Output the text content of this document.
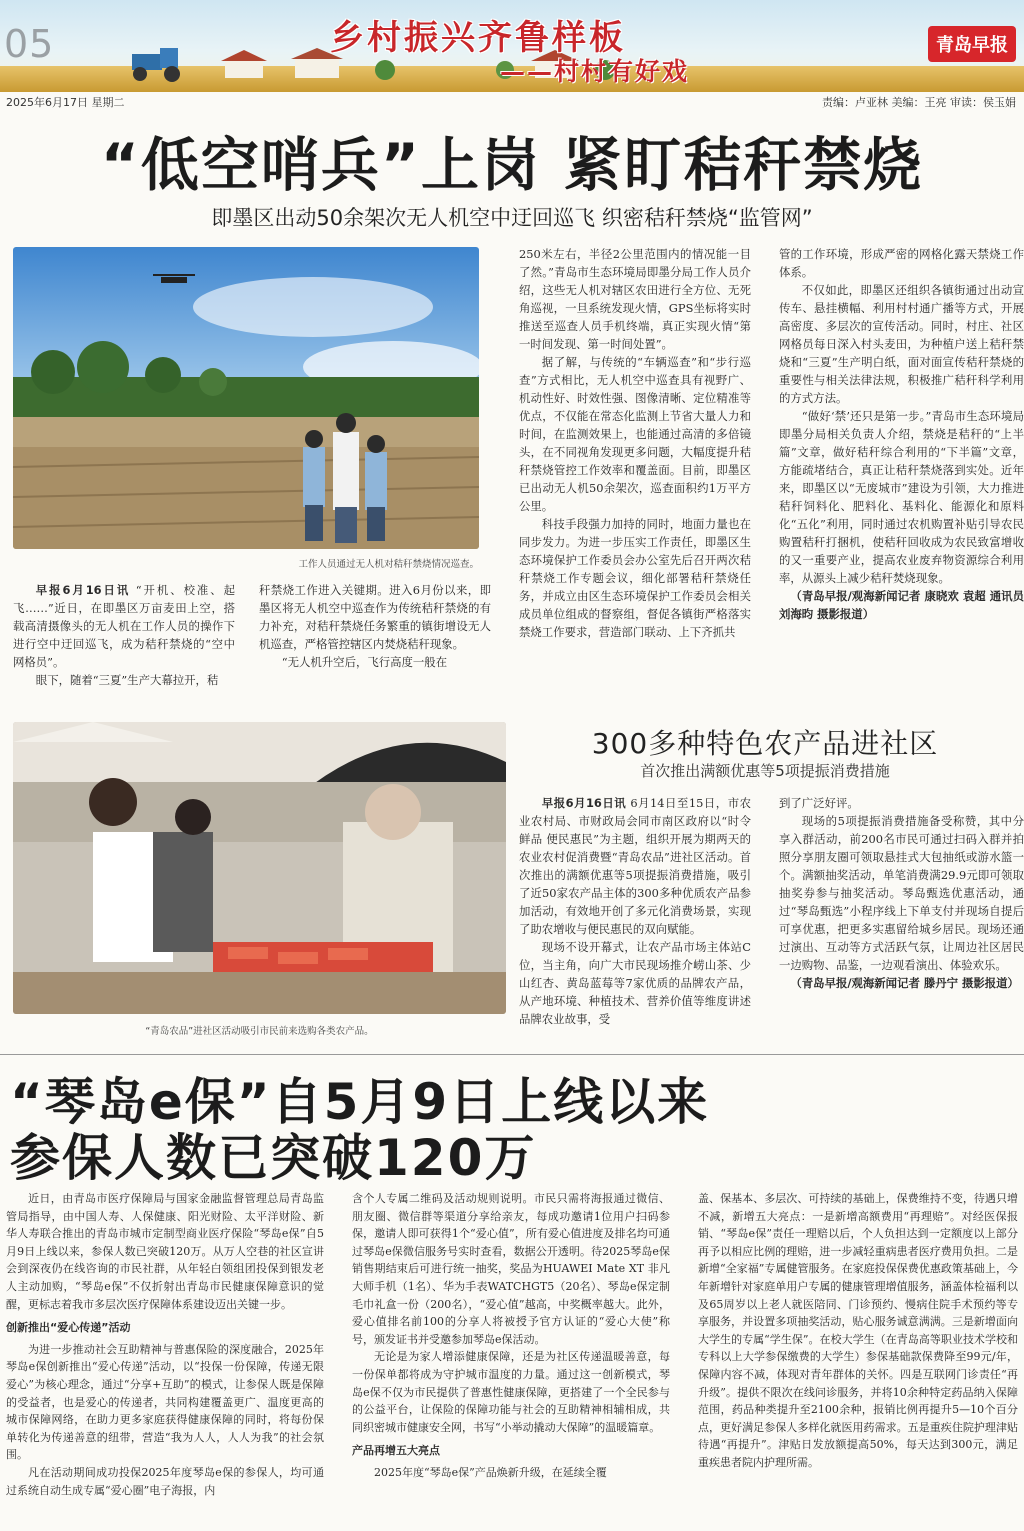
05	乡村振兴齐鲁样板
——村村有好戏
青岛早报
2025年6月17日 星期二	责编：卢亚林 美编：王亮 审读：侯玉娟
“低空哨兵”上岗 紧盯秸秆禁烧
即墨区出动50余架次无人机空中迂回巡飞 织密秸秆禁烧“监管网”
工作人员通过无人机对秸秆禁烧情况巡查。

早报6月16日讯 “开机、校准、起飞……”近日，在即墨区万亩麦田上空，搭载高清摄像头的无人机在工作人员的操作下进行空中迂回巡飞，成为秸秆禁烧的“空中网格员”。

眼下，随着“三夏”生产大幕拉开，秸

秆禁烧工作进入关键期。进入6月份以来，即墨区将无人机空中巡查作为传统秸秆禁烧的有力补充，对秸秆禁烧任务繁重的镇街增设无人机巡查，严格管控辖区内焚烧秸秆现象。

“无人机升空后，飞行高度一般在

250米左右，半径2公里范围内的情况能一目了然。”青岛市生态环境局即墨分局工作人员介绍，这些无人机对辖区农田进行全方位、无死角巡视，一旦系统发现火情，GPS坐标将实时推送至巡查人员手机终端，真正实现火情“第一时间发现、第一时间处置”。

据了解，与传统的“车辆巡查”和“步行巡查”方式相比，无人机空中巡查具有视野广、机动性好、时效性强、图像清晰、定位精准等优点，不仅能在常态化监测上节省大量人力和时间，在监测效果上，也能通过高清的多倍镜头，在不同视角发现更多问题，大幅度提升秸秆禁烧管控工作效率和覆盖面。目前，即墨区已出动无人机50余架次，巡查面积约1万平方公里。

科技手段强力加持的同时，地面力量也在同步发力。为进一步压实工作责任，即墨区生态环境保护工作委员会办公室先后召开两次秸秆禁烧工作专题会议，细化部署秸秆禁烧任务，并成立由区生态环境保护工作委员会相关成员单位组成的督察组，督促各镇街严格落实禁烧工作要求，营造部门联动、上下齐抓共

管的工作环境，形成严密的网格化露天禁烧工作体系。

不仅如此，即墨区还组织各镇街通过出动宣传车、悬挂横幅、利用村村通广播等方式，开展高密度、多层次的宣传活动。同时，村庄、社区网格员每日深入村头麦田，为种植户送上秸秆禁烧和“三夏”生产明白纸，面对面宣传秸秆禁烧的重要性与相关法律法规，积极推广秸秆科学利用的方式方法。

“做好‘禁’还只是第一步。”青岛市生态环境局即墨分局相关负责人介绍，禁烧是秸秆的“上半篇”文章，做好秸秆综合利用的“下半篇”文章，方能疏堵结合，真正让秸秆禁烧落到实处。近年来，即墨区以“无废城市”建设为引领，大力推进秸秆饲料化、肥料化、基料化、能源化和原料化“五化”利用，同时通过农机购置补贴引导农民购置秸秆打捆机，使秸秆回收成为农民致富增收的又一重要产业，提高农业废弃物资源综合利用率，从源头上减少秸秆焚烧现象。

（青岛早报/观海新闻记者 康晓欢 袁超 通讯员 刘海昀 摄影报道）

“青岛农品”进社区活动吸引市民前来选购各类农产品。
300多种特色农产品进社区
首次推出满额优惠等5项提振消费措施

早报6月16日讯 6月14日至15日，市农业农村局、市财政局会同市南区政府以“时令鲜品 便民惠民”为主题，组织开展为期两天的农业农村促消费暨“青岛农品”进社区活动。首次推出的满额优惠等5项提振消费措施，吸引了近50家农产品主体的300多种优质农产品参加活动，有效地开创了多元化消费场景，实现了助农增收与便民惠民的双向赋能。

现场不设开幕式，让农产品市场主体站C位，当主角，向广大市民现场推介崂山茶、少山红杏、黄岛蓝莓等7家优质的品牌农产品，从产地环境、种植技术、营养价值等维度讲述品牌农业故事，受

到了广泛好评。

现场的5项提振消费措施备受称赞，其中分享入群活动，前200名市民可通过扫码入群并拍照分享朋友圈可领取悬挂式大包抽纸或游水篮一个。满额抽奖活动，单笔消费满29.9元即可领取抽奖券参与抽奖活动。琴岛甄选优惠活动，通过“琴岛甄选”小程序线上下单支付并现场自提后可享优惠，把更多实惠留给城乡居民。现场还通过演出、互动等方式活跃气氛，让周边社区居民一边购物、品鉴，一边观看演出、体验欢乐。

（青岛早报/观海新闻记者 滕丹宁 摄影报道）

“琴岛e保”自5月9日上线以来
参保人数已突破120万

近日，由青岛市医疗保障局与国家金融监督管理总局青岛监管局指导，由中国人寿、人保健康、阳光财险、太平洋财险、新华人寿联合推出的青岛市城市定制型商业医疗保险“琴岛e保”自5月9日上线以来，参保人数已突破120万。从万人空巷的社区宣讲会到深夜仍在线咨询的市民社群，从年轻白领组团投保到银发老人主动加购，“琴岛e保”不仅折射出青岛市民健康保障意识的觉醒，更标志着我市多层次医疗保障体系建设迈出关键一步。

创新推出“爱心传递”活动

为进一步推动社会互助精神与普惠保险的深度融合，2025年琴岛e保创新推出“爱心传递”活动，以“投保一份保障，传递无限爱心”为核心理念，通过“分享+互助”的模式，让参保人既是保障的受益者，也是爱心的传递者，共同构建覆盖更广、温度更高的城市保障网络，在助力更多家庭获得健康保障的同时，将每份保单转化为传递善意的纽带，营造“我为人人，人人为我”的社会氛围。

凡在活动期间成功投保2025年度琴岛e保的参保人，均可通过系统自动生成专属“爱心圈”电子海报，内

含个人专属二维码及活动规则说明。市民只需将海报通过微信、朋友圈、微信群等渠道分享给亲友，每成功邀请1位用户扫码参保，邀请人即可获得1个“爱心值”，所有爱心值进度及排名均可通过琴岛e保微信服务号实时查看，数据公开透明。待2025琴岛e保销售期结束后可进行统一抽奖，奖品为HUAWEI Mate XT 非凡大师手机（1名）、华为手表WATCHGT5（20名）、琴岛e保定制毛巾礼盒一份（200名），“爱心值”越高，中奖概率越大。此外，爱心值排名前100的分享人将被授予官方认证的“爱心大使”称号，颁发证书并受邀参加琴岛e保活动。

无论是为家人增添健康保障，还是为社区传递温暖善意，每一份保单都将成为守护城市温度的力量。通过这一创新模式，琴岛e保不仅为市民提供了普惠性健康保障，更搭建了一个全民参与的公益平台，让保险的保障功能与社会的互助精神相辅相成，共同织密城市健康安全网，书写“小举动撬动大保障”的温暖篇章。

产品再增五大亮点

2025年度“琴岛e保”产品焕新升级，在延续全覆

盖、保基本、多层次、可持续的基础上，保费维持不变，待遇只增不减，新增五大亮点：一是新增高额费用“再理赔”。对经医保报销、“琴岛e保”责任一理赔以后，个人负担达到一定额度以上部分再予以相应比例的理赔，进一步减轻重病患者医疗费用负担。二是新增“全家福”专属健管服务。在家庭投保保费优惠政策基础上，今年新增针对家庭单用户专属的健康管理增值服务，涵盖体检福利以及65周岁以上老人就医陪同、门诊预约、慢病住院手术预约等专享服务，并设置多项抽奖活动，贴心服务诚意满满。三是新增面向大学生的专属“学生保”。在校大学生（在青岛高等职业技术学校和专科以上大学参保缴费的大学生）参保基础款保费降至99元/年，保障内容不减，体现对青年群体的关怀。四是互联网门诊责任“再升级”。提供不限次在线问诊服务，并将10余种特定药品纳入保障范围，药品种类提升至2100余种，报销比例再提升5—10个百分点，更好满足参保人多样化就医用药需求。五是重疾住院护理津贴待遇“再提升”。津贴日发放额提高50%，每天达到300元，满足重疾患者院内护理所需。
